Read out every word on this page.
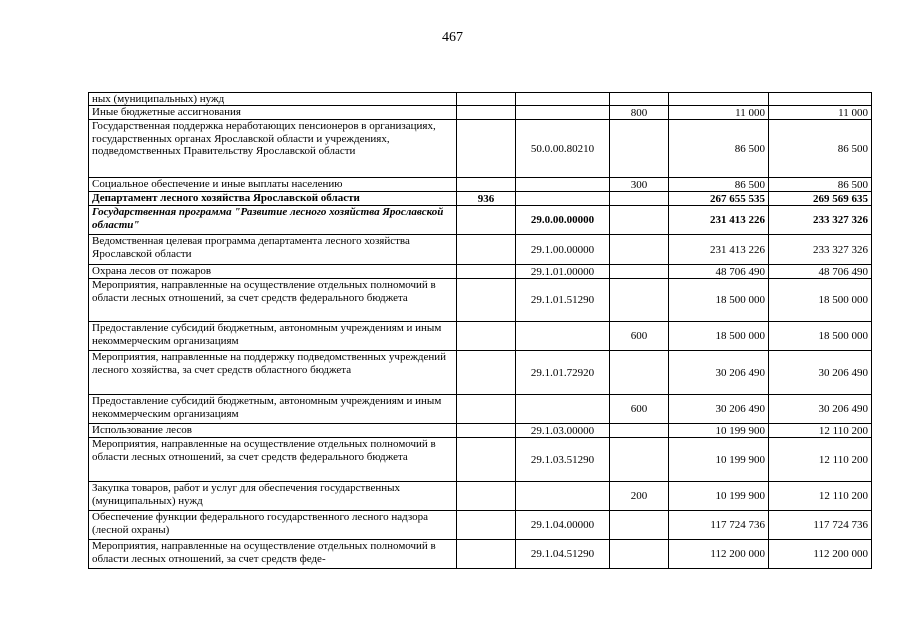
467
ных (муниципальных) нужд					
Иные бюджетные ассигнования			800	11 000	11 000
Государственная поддержка неработающих пенсионеров в организациях, государственных органах Ярославской области и учреждениях, подведомственных Правительству Ярославской области		50.0.00.80210		86 500	86 500
Социальное обеспечение и иные выплаты населению			300	86 500	86 500
Департамент лесного хозяйства Ярославской области	936			267 655 535	269 569 635
Государственная программа "Развитие лесного хозяйства Ярославской области"		29.0.00.00000		231 413 226	233 327 326
Ведомственная целевая программа департамента лесного хозяйства Ярославской области		29.1.00.00000		231 413 226	233 327 326
Охрана лесов от пожаров		29.1.01.00000		48 706 490	48 706 490
Мероприятия, направленные на осуществление отдельных полномочий в области лесных отношений, за счет средств федерального бюджета		29.1.01.51290		18 500 000	18 500 000
Предоставление субсидий бюджетным, автономным учреждениям и иным некоммерческим организациям			600	18 500 000	18 500 000
Мероприятия, направленные на поддержку подведомственных учреждений лесного хозяйства, за счет средств областного бюджета		29.1.01.72920		30 206 490	30 206 490
Предоставление субсидий бюджетным, автономным учреждениям и иным некоммерческим организациям			600	30 206 490	30 206 490
Использование лесов		29.1.03.00000		10 199 900	12 110 200
Мероприятия, направленные на осуществление отдельных полномочий в области лесных отношений, за счет средств федерального бюджета		29.1.03.51290		10 199 900	12 110 200
Закупка товаров, работ и услуг для обеспечения государственных (муниципальных) нужд			200	10 199 900	12 110 200
Обеспечение функции федерального государственного лесного надзора (лесной охраны)		29.1.04.00000		117 724 736	117 724 736
Мероприятия, направленные на осуществление отдельных полномочий в области лесных отношений, за счет средств феде-		29.1.04.51290		112 200 000	112 200 000
